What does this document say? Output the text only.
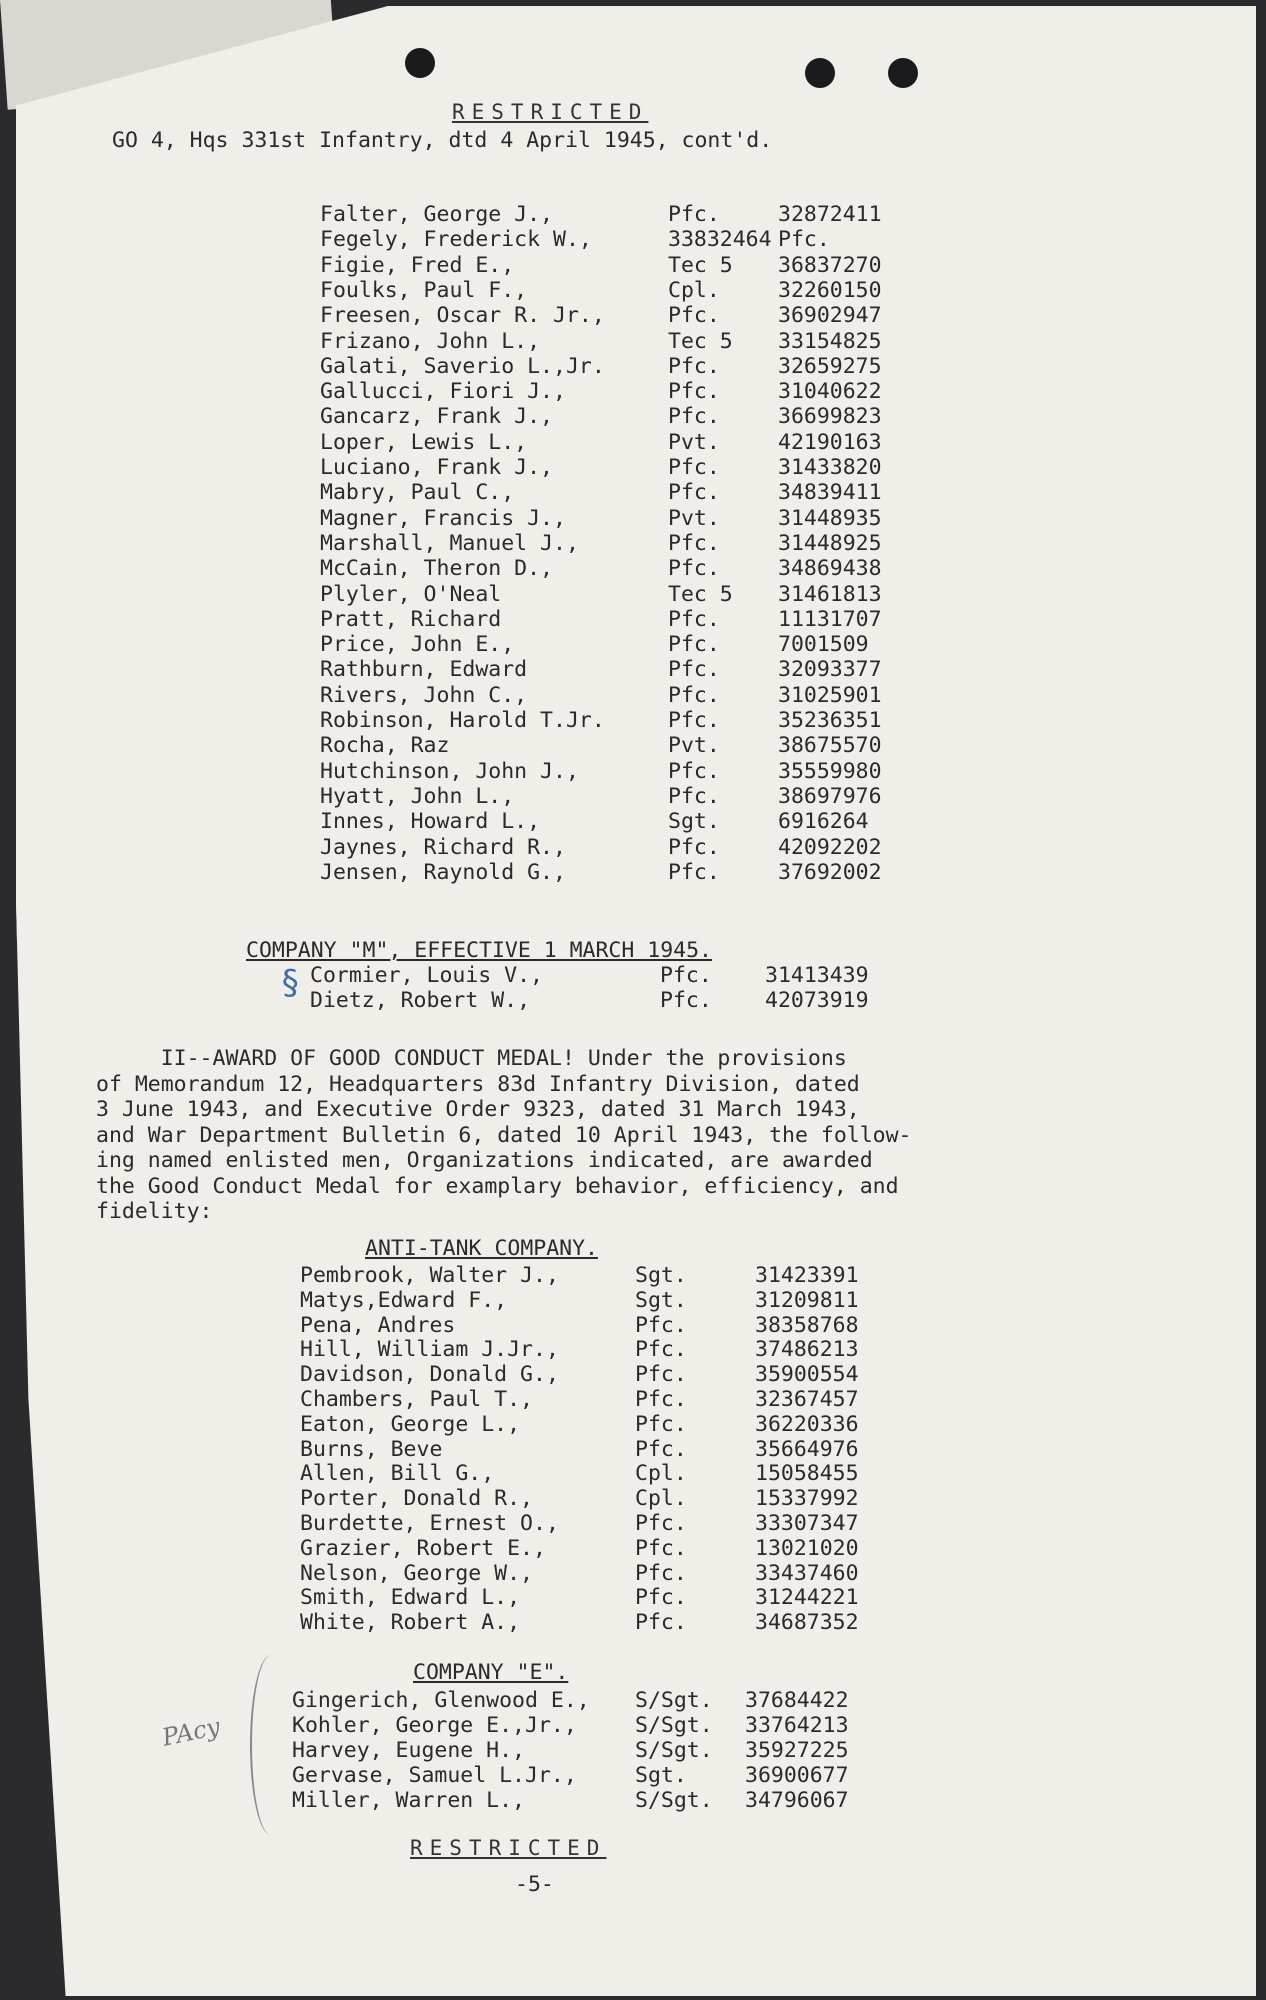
RESTRICTED
GO 4, Hqs 331st Infantry, dtd 4 April 1945, cont'd.
Falter, George J.,	Pfc.	32872411
Fegely, Frederick W.,	33832464 Pfc.
Figie, Fred E.,	Tec 5 36837270
Foulks, Paul F.,	Cpl.	32260150
Freesen, Oscar R. Jr.,	Pfc.	36902947
Frizano, John L.,	Tec 5 33154825
Galati, Saverio L.,Jr.	Pfc.	32659275
Gallucci, Fiori J.,	Pfc.	31040622
Gancarz, Frank J.,	Pfc.	36699823
Loper, Lewis L.,	Pvt.	42190163
Luciano, Frank J.,	Pfc.	31433820
Mabry, Paul C.,	Pfc.	34839411
Magner, Francis J.,	Pvt.	31448935
Marshall, Manuel J.,	Pfc.	31448925
McCain, Theron D.,	Pfc.	34869438
Plyler, O'Neal	Tec 5 31461813
Pratt, Richard	Pfc.	11131707
Price, John E.,	Pfc.	7001509
Rathburn, Edward	Pfc.	32093377
Rivers, John C.,	Pfc.	31025901
Robinson, Harold T.Jr.	Pfc.	35236351
Rocha, Raz	Pvt.	38675570
Hutchinson, John J.,	Pfc.	35559980
Hyatt, John L.,	Pfc.	38697976
Innes, Howard L.,	Sgt.	6916264
Jaynes, Richard R.,	Pfc.	42092202
Jensen, Raynold G.,	Pfc.	37692002
COMPANY "M", EFFECTIVE 1 MARCH 1945.
§ Cormier, Louis V.,	Pfc. 31413439
Dietz, Robert W.,	Pfc. 42073919
II--AWARD OF GOOD CONDUCT MEDAL! Under the provisions
of Memorandum 12, Headquarters 83d Infantry Division, dated
3 June 1943, and Executive Order 9323, dated 31 March 1943,
and War Department Bulletin 6, dated 10 April 1943, the follow-
ing named enlisted men, Organizations indicated, are awarded
the Good Conduct Medal for examplary behavior, efficiency, and
fidelity:
ANTI-TANK COMPANY.
Pembrook, Walter J.,	Sgt.	31423391
Matys,Edward F.,	Sgt.	31209811
Pena, Andres	Pfc.	38358768
Hill, William J.Jr.,	Pfc.	37486213
Davidson, Donald G.,	Pfc.	35900554
Chambers, Paul T.,	Pfc.	32367457
Eaton, George L.,	Pfc.	36220336
Burns, Beve	Pfc.	35664976
Allen, Bill G.,	Cpl.	15058455
Porter, Donald R.,	Cpl.	15337992
Burdette, Ernest O.,	Pfc.	33307347
Grazier, Robert E.,	Pfc.	13021020
Nelson, George W.,	Pfc.	33437460
Smith, Edward L.,	Pfc.	31244221
White, Robert A.,	Pfc.	34687352
COMPANY "E".
Gingerich, Glenwood E., S/Sgt. 37684422
Kohler, George E.,Jr.,	S/Sgt. 33764213
Harvey, Eugene H.,	S/Sgt. 35927225
Gervase, Samuel L.Jr.,	Sgt.	36900677
Miller, Warren L.,	S/Sgt. 34796067
RESTRICTED
-5-
PAcy
